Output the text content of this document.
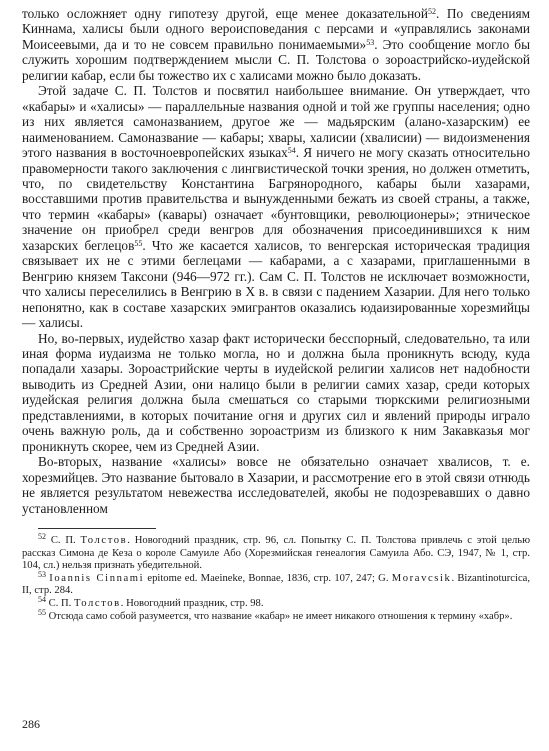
только осложняет одну гипотезу другой, еще менее доказательной$^{52}$. По сведениям Киннама, халисы были одного вероисповедания с персами и «управлялись законами Моисеевыми, да и то не совсем правильно понимаемыми»$^{53}$. Это сообщение могло бы служить хорошим подтверждением мысли С. П. Толстова о зороастрийско-иудейской религии кабар, если бы тожество их с халисами можно было доказать.

Этой задаче С. П. Толстов и посвятил наибольшее внимание. Он утверждает, что «кабары» и «халисы» — параллельные названия одной и той же группы населения; одно из них является самоназванием, другое же — мадьярским (алано-хазарским) ее наименованием. Самоназвание — кабары; хвары, халисии (хвалисии) — видоизменения этого названия в восточноевропейских языках$^{54}$. Я ничего не могу сказать относительно правомерности такого заключения с лингвистической точки зрения, но должен отметить, что, по свидетельству Константина Багрянородного, кабары были хазарами, восставшими против правительства и вынужденными бежать из своей страны, а также, что термин «кабары» (кавары) означает «бунтовщики, революционеры»; этническое значение он приобрел среди венгров для обозначения присоединившихся к ним хазарских беглецов$^{55}$. Что же касается халисов, то венгерская историческая традиция связывает их не с этими беглецами — кабарами, а с хазарами, приглашенными в Венгрию князем Таксони (946—972 гг.). Сам С. П. Толстов не исключает возможности, что халисы переселились в Венгрию в X в. в связи с падением Хазарии. Для него только непонятно, как в составе хазарских эмигрантов оказались юдаизированные хорезмийцы — халисы.

Но, во-первых, иудейство хазар факт исторически бесспорный, следовательно, та или иная форма иудаизма не только могла, но и должна была проникнуть всюду, куда попадали хазары. Зороастрийские черты в иудейской религии халисов нет надобности выводить из Средней Азии, они налицо были в религии самих хазар, среди которых иудейская религия должна была смешаться со старыми тюркскими религиозными представлениями, в которых почитание огня и других сил и явлений природы играло очень важную роль, да и собственно зороастризм из близкого к ним Закавказья мог проникнуть скорее, чем из Средней Азии.

Во-вторых, название «халисы» вовсе не обязательно означает хвалисов, т. е. хорезмийцев. Это название бытовало в Хазарии, и рассмотрение его в этой связи отнюдь не является результатом невежества исследователей, якобы не подозревавших о давно установленном

$^{52}$ С. П. Толстов. Новогодний праздник, стр. 96, сл. Попытку С. П. Толстова привлечь с этой целью рассказ Симона де Кеза о короле Самуиле Або (Хорезмийская генеалогия Самуила Або. СЭ, 1947, № 1, стр. 104, сл.) нельзя признать убедительной.

$^{53}$ Ioannis Cinnami epitome ed. Maeineke, Bonnae, 1836, стр. 107, 247; G. Moravcsik. Bizantinoturcica, II, стр. 284.

$^{54}$ С. П. Толстов. Новогодний праздник, стр. 98.

$^{55}$ Отсюда само собой разумеется, что название «кабар» не имеет никакого отношения к термину «хабр».

286
